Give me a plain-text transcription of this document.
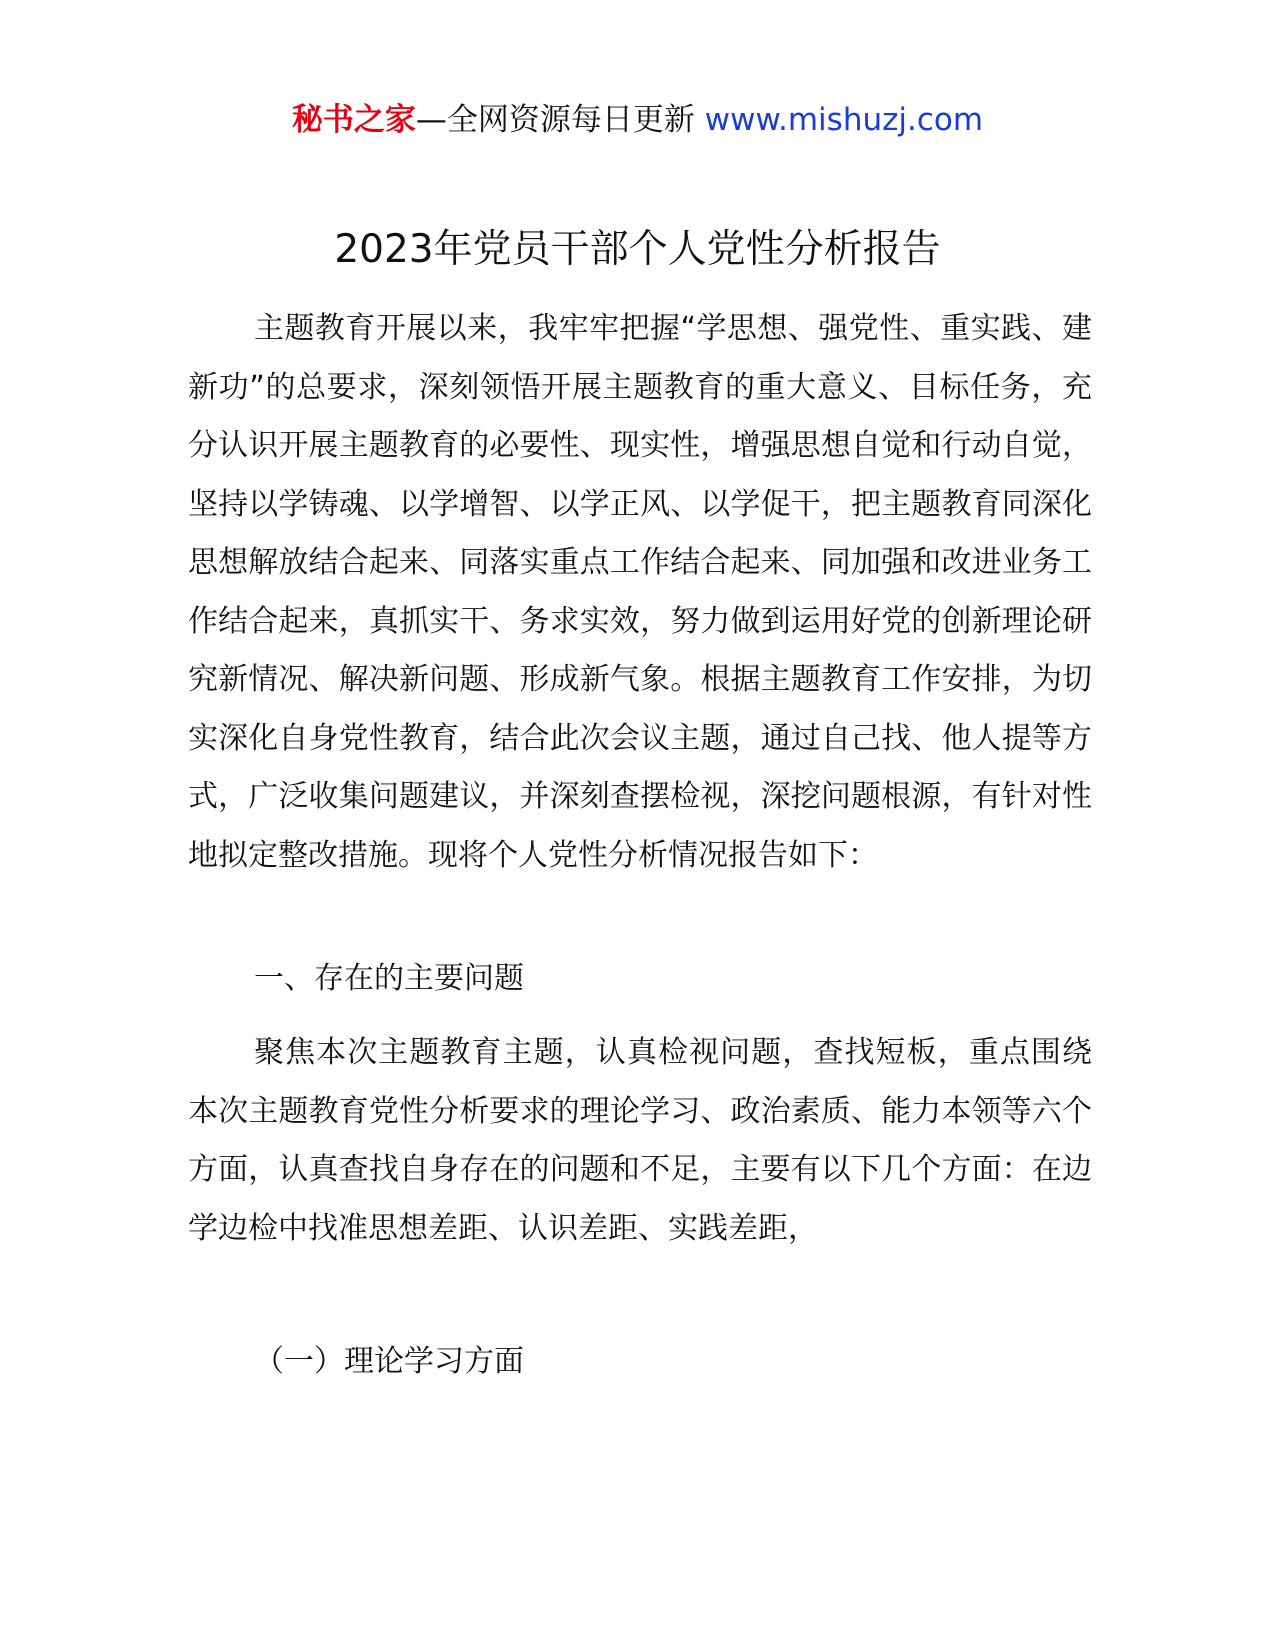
秘书之家—全网资源每日更新 www.mishuzj.com
2023年党员干部个人党性分析报告

主题教育开展以来，我牢牢把握“学思想、强党性、重实践、建新功”的总要求，深刻领悟开展主题教育的重大意义、目标任务，充分认识开展主题教育的必要性、现实性，增强思想自觉和行动自觉，坚持以学铸魂、以学增智、以学正风、以学促干，把主题教育同深化思想解放结合起来、同落实重点工作结合起来、同加强和改进业务工作结合起来，真抓实干、务求实效，努力做到运用好党的创新理论研究新情况、解决新问题、形成新气象。根据主题教育工作安排，为切实深化自身党性教育，结合此次会议主题，通过自己找、他人提等方式，广泛收集问题建议，并深刻查摆检视，深挖问题根源，有针对性地拟定整改措施。现将个人党性分析情况报告如下：

一、存在的主要问题

聚焦本次主题教育主题，认真检视问题，查找短板，重点围绕本次主题教育党性分析要求的理论学习、政治素质、能力本领等六个方面，认真查找自身存在的问题和不足，主要有以下几个方面：在边学边检中找准思想差距、认识差距、实践差距，

（一）理论学习方面
